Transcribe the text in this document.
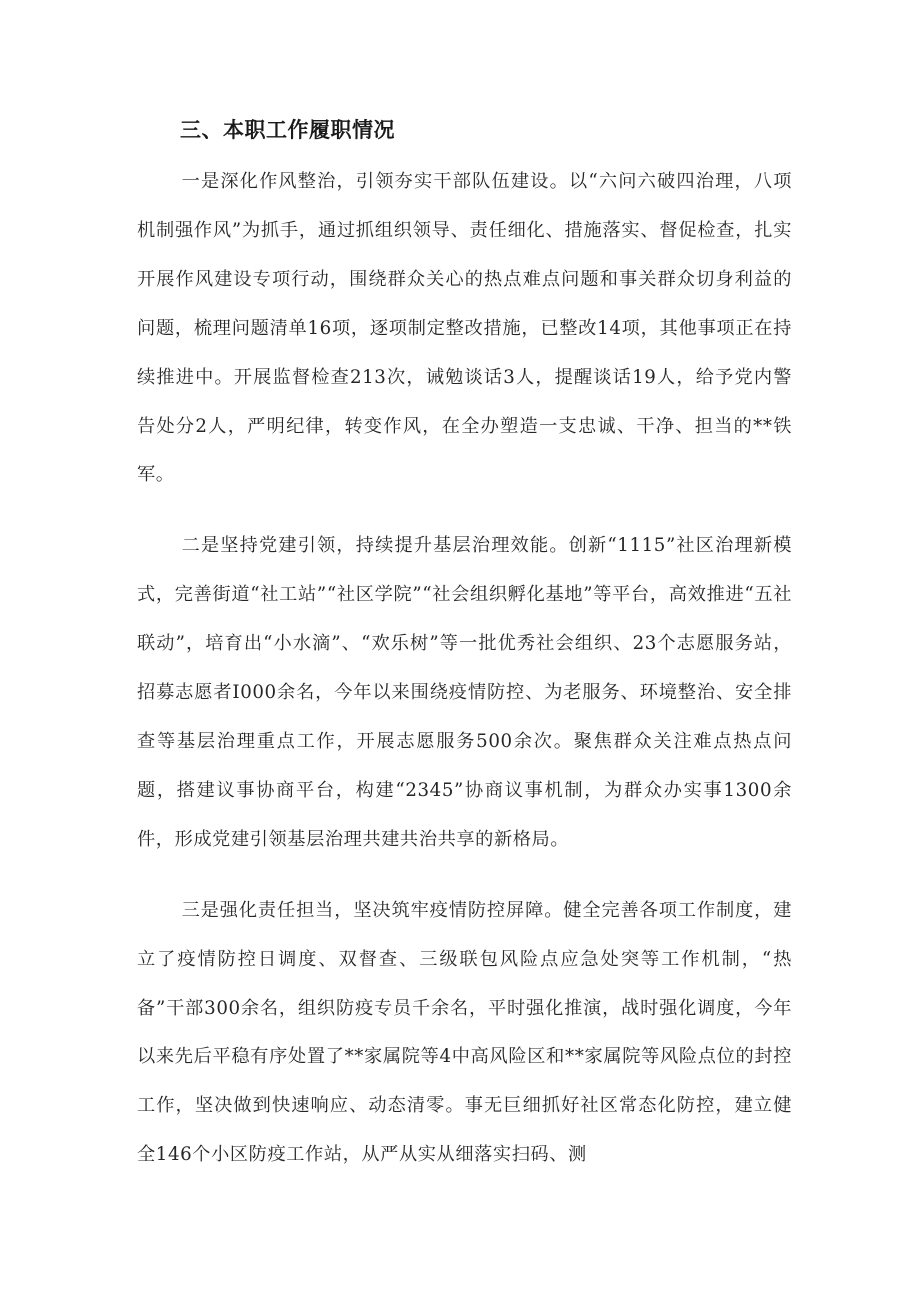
三、本职工作履职情况

一是深化作风整治，引领夯实干部队伍建设。以“六问六破四治理，八项机制强作风”为抓手，通过抓组织领导、责任细化、措施落实、督促检查，扎实开展作风建设专项行动，围绕群众关心的热点难点问题和事关群众切身利益的问题，梳理问题清单16项，逐项制定整改措施，已整改14项，其他事项正在持续推进中。开展监督检查213次，诫勉谈话3人，提醒谈话19人，给予党内警告处分2人，严明纪律，转变作风，在全办塑造一支忠诚、干净、担当的**铁军。

二是坚持党建引领，持续提升基层治理效能。创新“1115”社区治理新模式，完善街道“社工站”“社区学院”“社会组织孵化基地”等平台，高效推进“五社联动”，培育出“小水滴”、“欢乐树”等一批优秀社会组织、23个志愿服务站，招募志愿者I000余名，今年以来围绕疫情防控、为老服务、环境整治、安全排查等基层治理重点工作，开展志愿服务500余次。聚焦群众关注难点热点问题，搭建议事协商平台，构建“2345”协商议事机制，为群众办实事1300余件，形成党建引领基层治理共建共治共享的新格局。

三是强化责任担当，坚决筑牢疫情防控屏障。健全完善各项工作制度，建立了疫情防控日调度、双督查、三级联包风险点应急处突等工作机制，“热备”干部300余名，组织防疫专员千余名，平时强化推演，战时强化调度，今年以来先后平稳有序处置了**家属院等4中高风险区和**家属院等风险点位的封控工作，坚决做到快速响应、动态清零。事无巨细抓好社区常态化防控，建立健全146个小区防疫工作站，从严从实从细落实扫码、测
